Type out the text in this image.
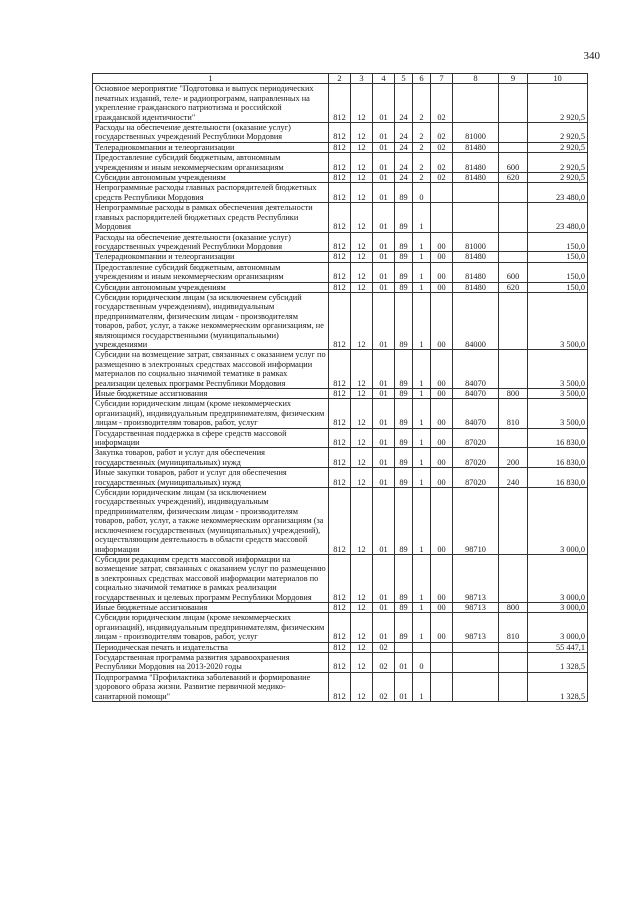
340
1	2	3	4	5	6	7	8	9	10
Основное мероприятие "Подготовка и выпуск периодических печатных изданий, теле- и радиопрограмм, направленных на укрепление гражданского патриотизма и российской гражданской идентичности"	812	12	01	24	2	02			2 920,5
Расходы на обеспечение деятельности (оказание услуг) государственных учреждений Республики Мордовия	812	12	01	24	2	02	81000		2 920,5
Телерадиокомпании и телеорганизации	812	12	01	24	2	02	81480		2 920,5
Предоставление субсидий бюджетным, автономным учреждениям и иным некоммерческим организациям	812	12	01	24	2	02	81480	600	2 920,5
Субсидии автономным учреждениям	812	12	01	24	2	02	81480	620	2 920,5
Непрограммные расходы главных распорядителей бюджетных средств Республики Мордовия	812	12	01	89	0				23 480,0
Непрограммные расходы в рамках обеспечения деятельности главных распорядителей бюджетных средств Республики Мордовия	812	12	01	89	1				23 480,0
Расходы на обеспечение деятельности (оказание услуг) государственных учреждений Республики Мордовия	812	12	01	89	1	00	81000		150,0
Телерадиокомпании и телеорганизации	812	12	01	89	1	00	81480		150,0
Предоставление субсидий бюджетным, автономным учреждениям и иным некоммерческим организациям	812	12	01	89	1	00	81480	600	150,0
Субсидии автономным учреждениям	812	12	01	89	1	00	81480	620	150,0
Субсидии юридическим лицам (за исключением субсидий государственным учреждениям), индивидуальным предпринимателям, физическим лицам - производителям товаров, работ, услуг, а также некоммерческим организациям, не являющимся государственными (муниципальными) учреждениями	812	12	01	89	1	00	84000		3 500,0
Субсидии на возмещение затрат, связанных с оказанием услуг по размещению в электронных средствах массовой информации материалов по социально значимой тематике в рамках реализации целевых программ Республики Мордовия	812	12	01	89	1	00	84070		3 500,0
Иные бюджетные ассигнования	812	12	01	89	1	00	84070	800	3 500,0
Субсидии юридическим лицам (кроме некоммерческих организаций), индивидуальным предпринимателям, физическим лицам - производителям товаров, работ, услуг	812	12	01	89	1	00	84070	810	3 500,0
Государственная поддержка в сфере средств массовой информации	812	12	01	89	1	00	87020		16 830,0
Закупка товаров, работ и услуг для обеспечения государственных (муниципальных) нужд	812	12	01	89	1	00	87020	200	16 830,0
Иные закупки товаров, работ и услуг для обеспечения государственных (муниципальных) нужд	812	12	01	89	1	00	87020	240	16 830,0
Субсидии юридическим лицам (за исключением государственных учреждений), индивидуальным предпринимателям, физическим лицам - производителям товаров, работ, услуг, а также некоммерческим организациям (за исключением государственных (муниципальных) учреждений), осуществляющим деятельность в области средств массовой информации	812	12	01	89	1	00	98710		3 000,0
Субсидии редакциям средств массовой информации на возмещение затрат, связанных с оказанием услуг по размещению в электронных средствах массовой информации материалов по социально значимой тематике в рамках реализации государственных и целевых программ Республики Мордовия	812	12	01	89	1	00	98713		3 000,0
Иные бюджетные ассигнования	812	12	01	89	1	00	98713	800	3 000,0
Субсидии юридическим лицам (кроме некоммерческих организаций), индивидуальным предпринимателям, физическим лицам - производителям товаров, работ, услуг	812	12	01	89	1	00	98713	810	3 000,0
Периодическая печать и издательства	812	12	02						55 447,1
Государственная программа развития здравоохранения Республики Мордовия на 2013-2020 годы	812	12	02	01	0				1 328,5
Подпрограмма "Профилактика заболеваний и формирование здорового образа жизни. Развитие первичной медико-санитарной помощи"	812	12	02	01	1				1 328,5
